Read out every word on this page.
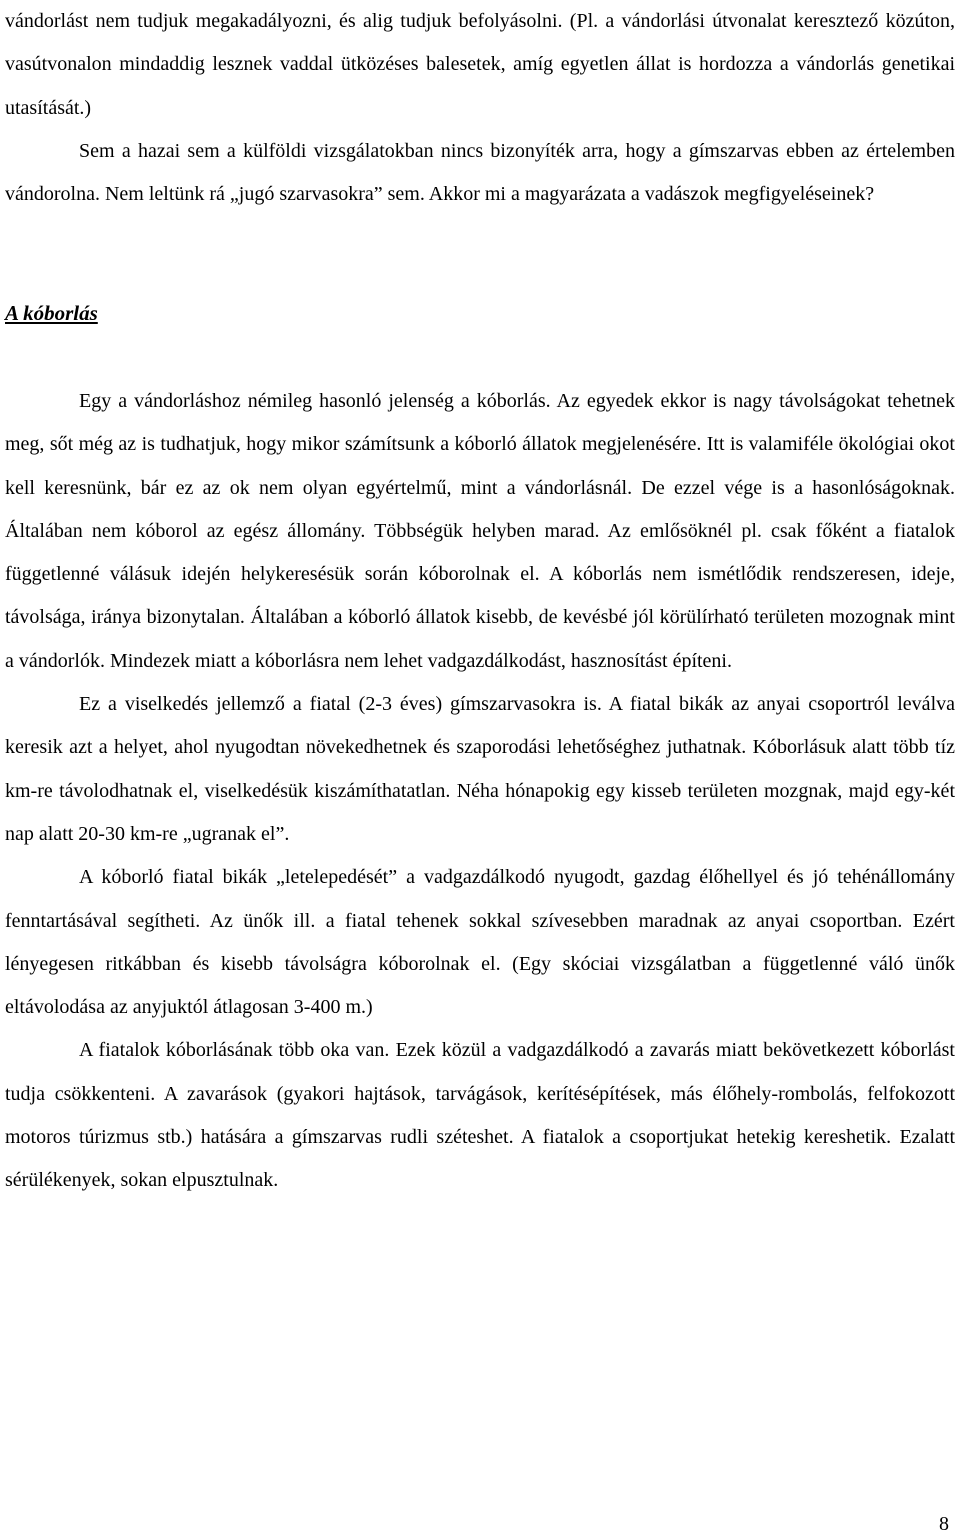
vándorlást nem tudjuk megakadályozni, és alig tudjuk befolyásolni. (Pl. a vándorlási útvonalat keresztező közúton, vasútvonalon mindaddig lesznek vaddal ütközéses balesetek, amíg egyetlen állat is hordozza a vándorlás genetikai utasítását.)

Sem a hazai sem a külföldi vizsgálatokban nincs bizonyíték arra, hogy a gímszarvas ebben az értelemben vándorolna. Nem leltünk rá „jugó szarvasokra” sem. Akkor mi a magyarázata a vadászok megfigyeléseinek?

A kóborlás

Egy a vándorláshoz némileg hasonló jelenség a kóborlás. Az egyedek ekkor is nagy távolságokat tehetnek meg, sőt még az is tudhatjuk, hogy mikor számítsunk a kóborló állatok megjelenésére. Itt is valamiféle ökológiai okot kell keresnünk, bár ez az ok nem olyan egyértelmű, mint a vándorlásnál. De ezzel vége is a hasonlóságoknak. Általában nem kóborol az egész állomány. Többségük helyben marad. Az emlősöknél pl. csak főként a fiatalok függetlenné válásuk idején helykeresésük során kóborolnak el. A kóborlás nem ismétlődik rendszeresen, ideje, távolsága, iránya bizonytalan. Általában a kóborló állatok kisebb, de kevésbé jól körülírható területen mozognak mint a vándorlók. Mindezek miatt a kóborlásra nem lehet vadgazdálkodást, hasznosítást építeni.

Ez a viselkedés jellemző a fiatal (2-3 éves) gímszarvasokra is. A fiatal bikák az anyai csoportról leválva keresik azt a helyet, ahol nyugodtan növekedhetnek és szaporodási lehetőséghez juthatnak. Kóborlásuk alatt több tíz km-re távolodhatnak el, viselkedésük kiszámíthatatlan. Néha hónapokig egy kisseb területen mozgnak, majd egy-két nap alatt 20-30 km-re „ugranak el”.

A kóborló fiatal bikák „letelepedését” a vadgazdálkodó nyugodt, gazdag élőhellyel és jó tehénállomány fenntartásával segítheti. Az ünők ill. a fiatal tehenek sokkal szívesebben maradnak az anyai csoportban. Ezért lényegesen ritkábban és kisebb távolságra kóborolnak el. (Egy skóciai vizsgálatban a függetlenné váló ünők eltávolodása az anyjuktól átlagosan 3-400 m.)

A fiatalok kóborlásának több oka van. Ezek közül a vadgazdálkodó a zavarás miatt bekövetkezett kóborlást tudja csökkenteni. A zavarások (gyakori hajtások, tarvágások, kerítésépítések, más élőhely-rombolás, felfokozott motoros túrizmus stb.) hatására a gímszarvas rudli széteshet. A fiatalok a csoportjukat hetekig kereshetik. Ezalatt sérülékenyek, sokan elpusztulnak.

8
